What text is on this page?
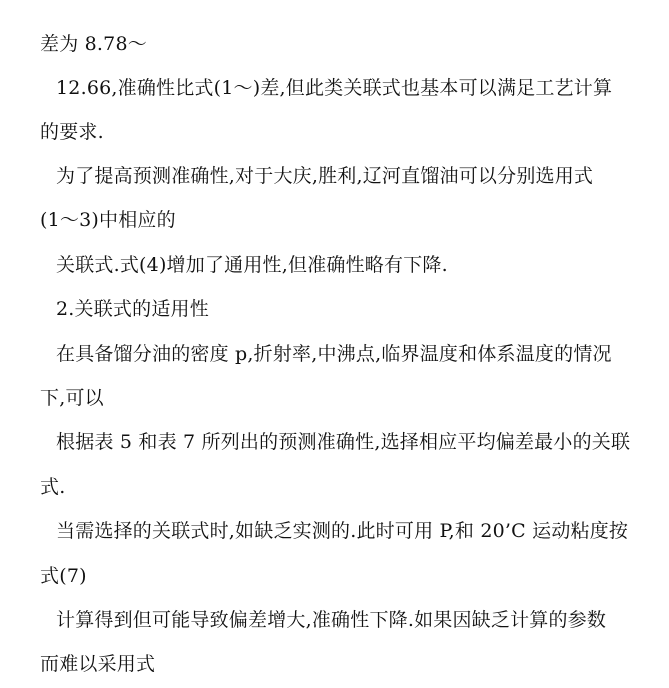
差为 8.78～
12.66,准确性比式(1～)差,但此类关联式也基本可以满足工艺计算
的要求.
为了提高预测准确性,对于大庆,胜利,辽河直馏油可以分别选用式
(1～3)中相应的
关联式.式(4)增加了通用性,但准确性略有下降.
2.关联式的适用性
在具备馏分油的密度 p,折射率,中沸点,临界温度和体系温度的情况
下,可以
根据表 5 和表 7 所列出的预测准确性,选择相应平均偏差最小的关联
式.
当需选择的关联式时,如缺乏实测的.此时可用 P,和 20’C 运动粘度按
式(7)
计算得到但可能导致偏差增大,准确性下降.如果因缺乏计算的参数
而难以采用式
